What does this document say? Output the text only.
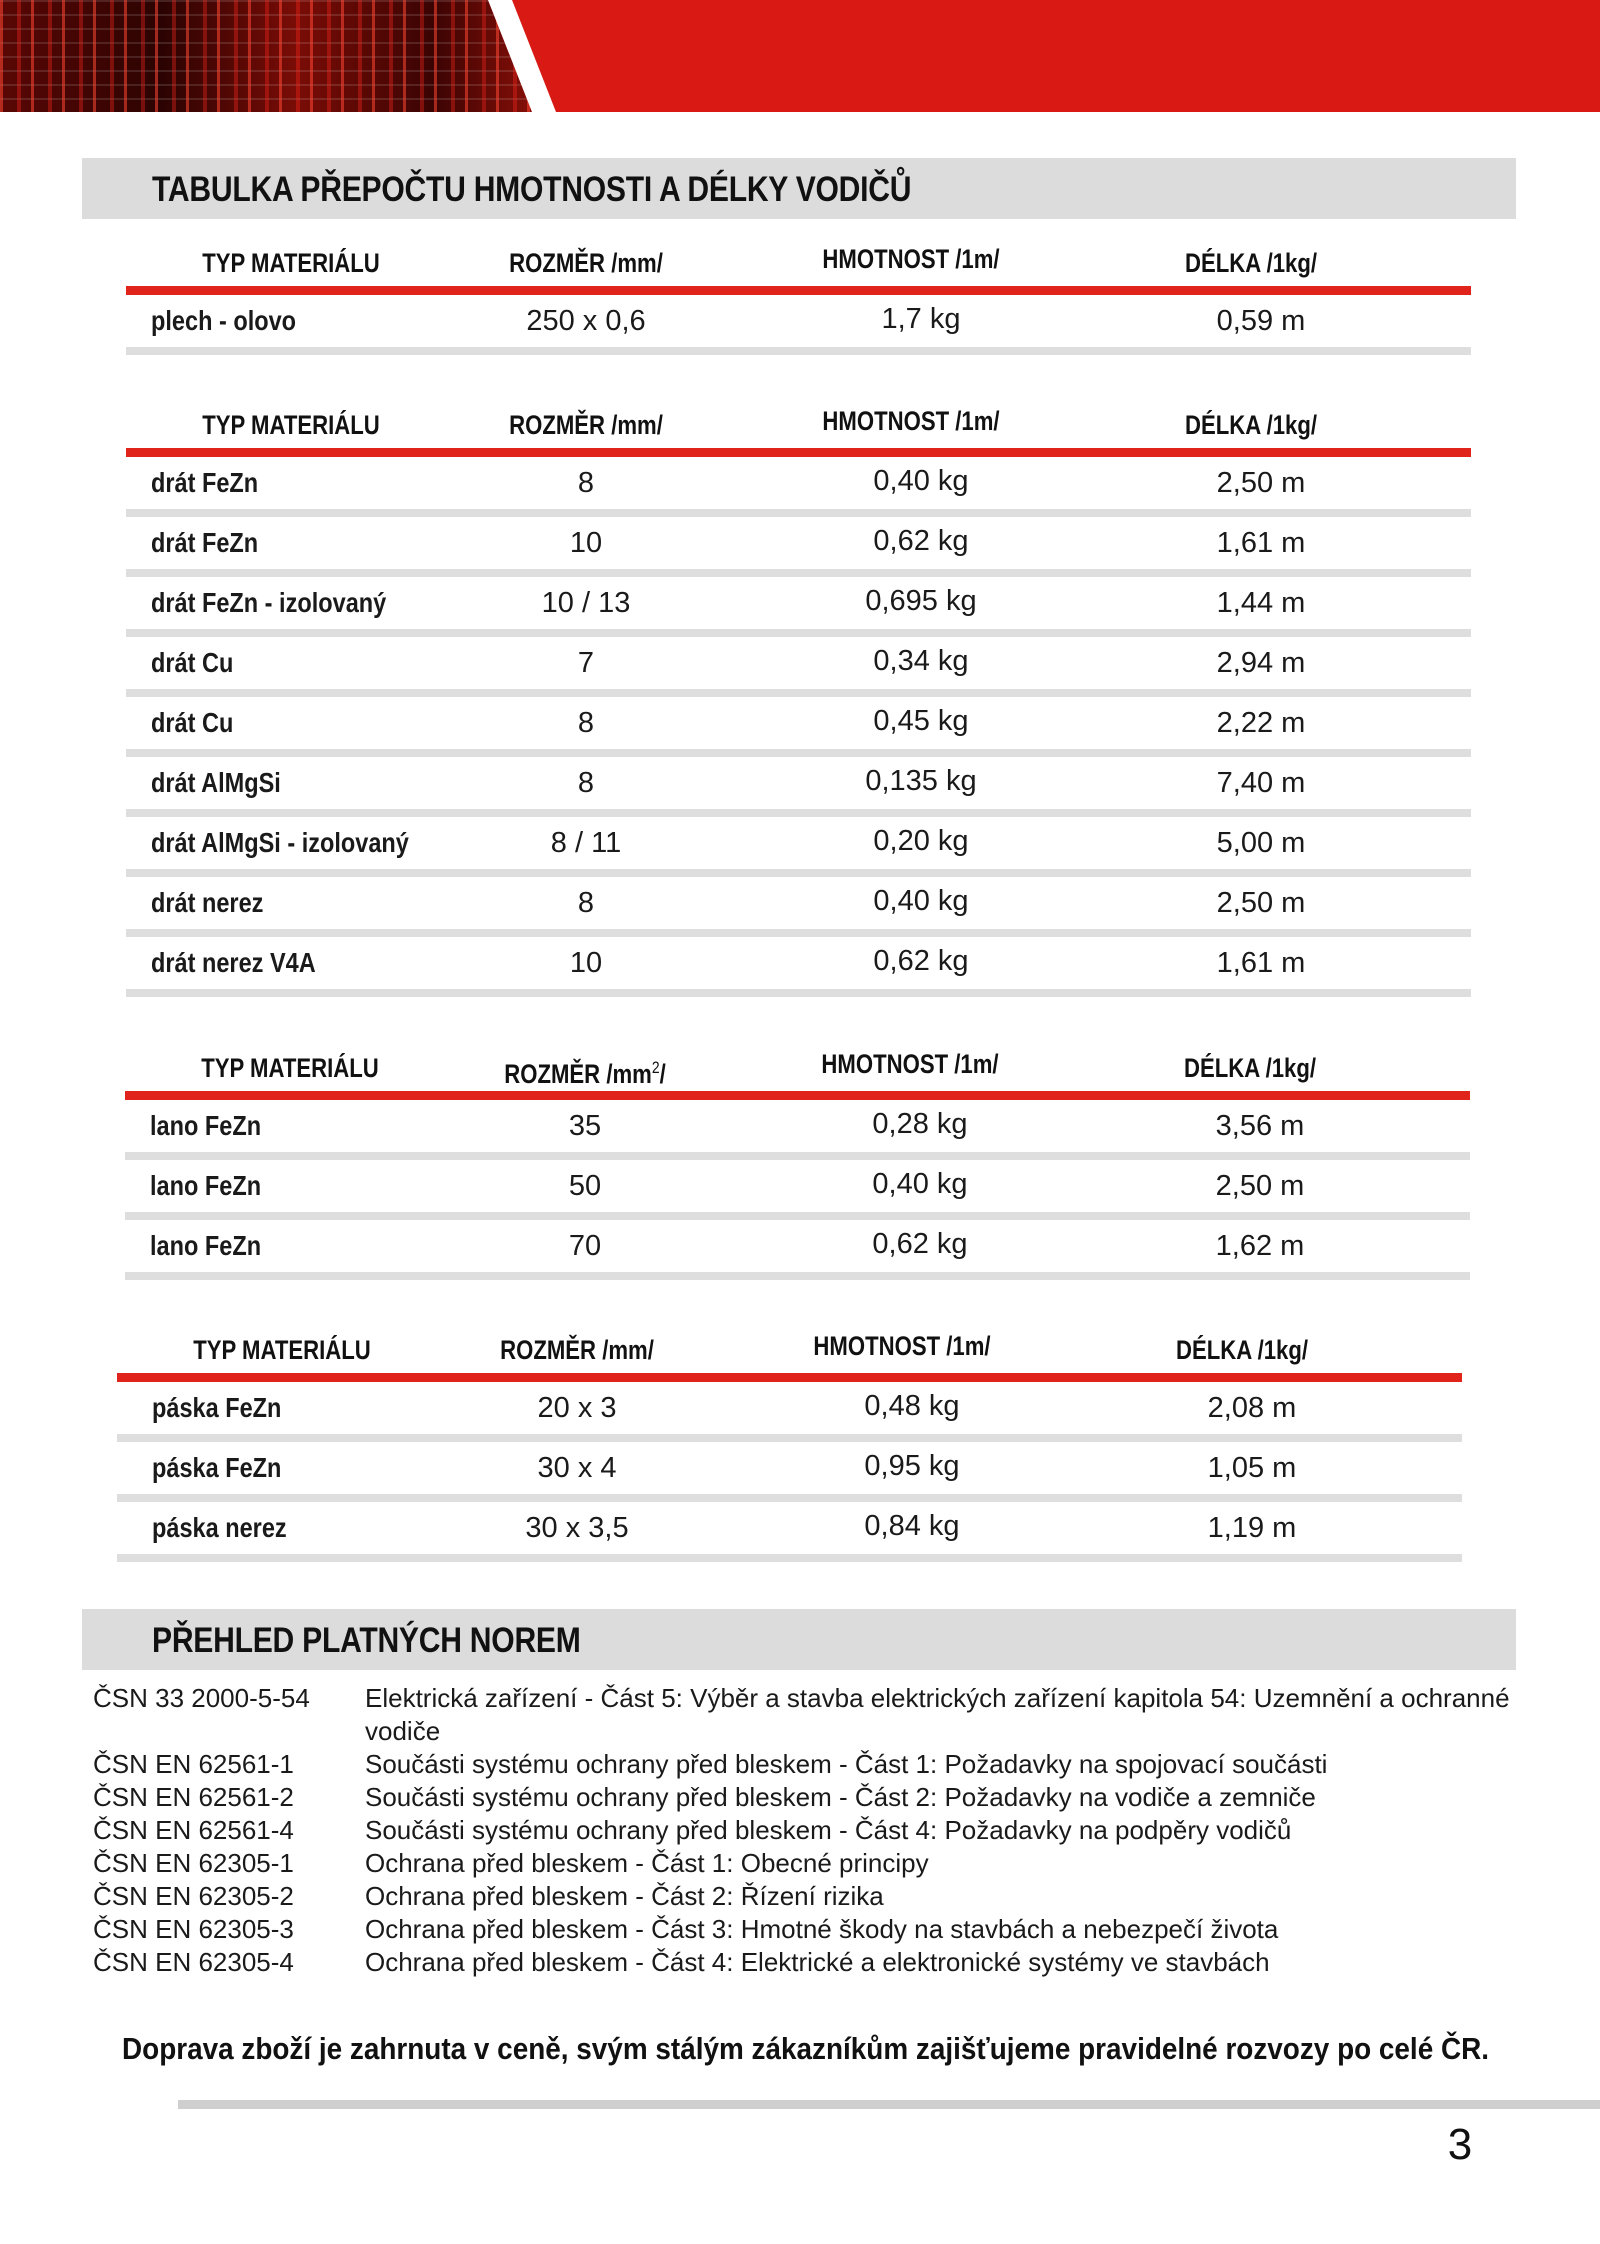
TABULKA PŘEPOČTU HMOTNOSTI A DÉLKY VODIČŮ
TYP MATERIÁLU	ROZMĚR /mm/	HMOTNOST /1m/	DÉLKA /1kg/
plech - olovo	250 x 0,6	1,7 kg	0,59 m
TYP MATERIÁLU	ROZMĚR /mm/	HMOTNOST /1m/	DÉLKA /1kg/
drát FeZn	8	0,40 kg	2,50 m
drát FeZn	10	0,62 kg	1,61 m
drát FeZn - izolovaný	10 / 13	0,695 kg	1,44 m
drát Cu	7	0,34 kg	2,94 m
drát Cu	8	0,45 kg	2,22 m
drát AlMgSi	8	0,135 kg	7,40 m
drát AlMgSi - izolovaný	8 / 11	0,20 kg	5,00 m
drát nerez	8	0,40 kg	2,50 m
drát nerez V4A	10	0,62 kg	1,61 m
TYP MATERIÁLU	ROZMĚR $/mm^2/$	HMOTNOST /1m/	DÉLKA /1kg/
lano FeZn	35	0,28 kg	3,56 m
lano FeZn	50	0,40 kg	2,50 m
lano FeZn	70	0,62 kg	1,62 m
TYP MATERIÁLU	ROZMĚR /mm/	HMOTNOST /1m/	DÉLKA /1kg/
páska FeZn	20 x 3	0,48 kg	2,08 m
páska FeZn	30 x 4	0,95 kg	1,05 m
páska nerez	30 x 3,5	0,84 kg	1,19 m
PŘEHLED PLATNÝCH NOREM
ČSN 33 2000-5-54	Elektrická zařízení - Část 5: Výběr a stavba elektrických zařízení kapitola 54: Uzemnění a ochranné vodiče
ČSN EN 62561-1	Součásti systému ochrany před bleskem - Část 1: Požadavky na spojovací součásti
ČSN EN 62561-2	Součásti systému ochrany před bleskem - Část 2: Požadavky na vodiče a zemniče
ČSN EN 62561-4	Součásti systému ochrany před bleskem - Část 4: Požadavky na podpěry vodičů
ČSN EN 62305-1	Ochrana před bleskem - Část 1: Obecné principy
ČSN EN 62305-2	Ochrana před bleskem - Část 2: Řízení rizika
ČSN EN 62305-3	Ochrana před bleskem - Část 3: Hmotné škody na stavbách a nebezpečí života
ČSN EN 62305-4	Ochrana před bleskem - Část 4: Elektrické a elektronické systémy ve stavbách
Doprava zboží je zahrnuta v ceně, svým stálým zákazníkům zajišťujeme pravidelné rozvozy po celé ČR.
3
